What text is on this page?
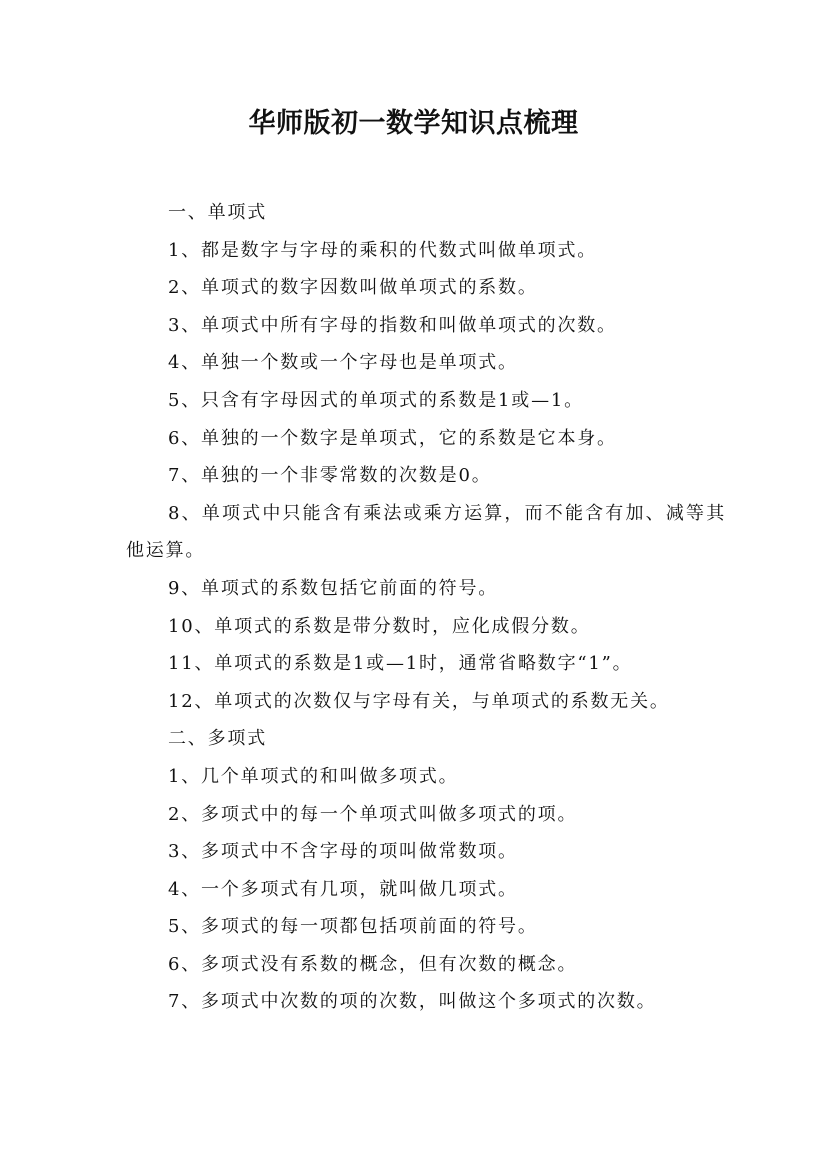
华师版初一数学知识点梳理

一、单项式

1、都是数字与字母的乘积的代数式叫做单项式。

2、单项式的数字因数叫做单项式的系数。

3、单项式中所有字母的指数和叫做单项式的次数。

4、单独一个数或一个字母也是单项式。

5、只含有字母因式的单项式的系数是1或—1。

6、单独的一个数字是单项式，它的系数是它本身。

7、单独的一个非零常数的次数是0。

8、单项式中只能含有乘法或乘方运算，而不能含有加、减等其他运算。

9、单项式的系数包括它前面的符号。

10、单项式的系数是带分数时，应化成假分数。

11、单项式的系数是1或—1时，通常省略数字“1”。

12、单项式的次数仅与字母有关，与单项式的系数无关。

二、多项式

1、几个单项式的和叫做多项式。

2、多项式中的每一个单项式叫做多项式的项。

3、多项式中不含字母的项叫做常数项。

4、一个多项式有几项，就叫做几项式。

5、多项式的每一项都包括项前面的符号。

6、多项式没有系数的概念，但有次数的概念。

7、多项式中次数的项的次数，叫做这个多项式的次数。
